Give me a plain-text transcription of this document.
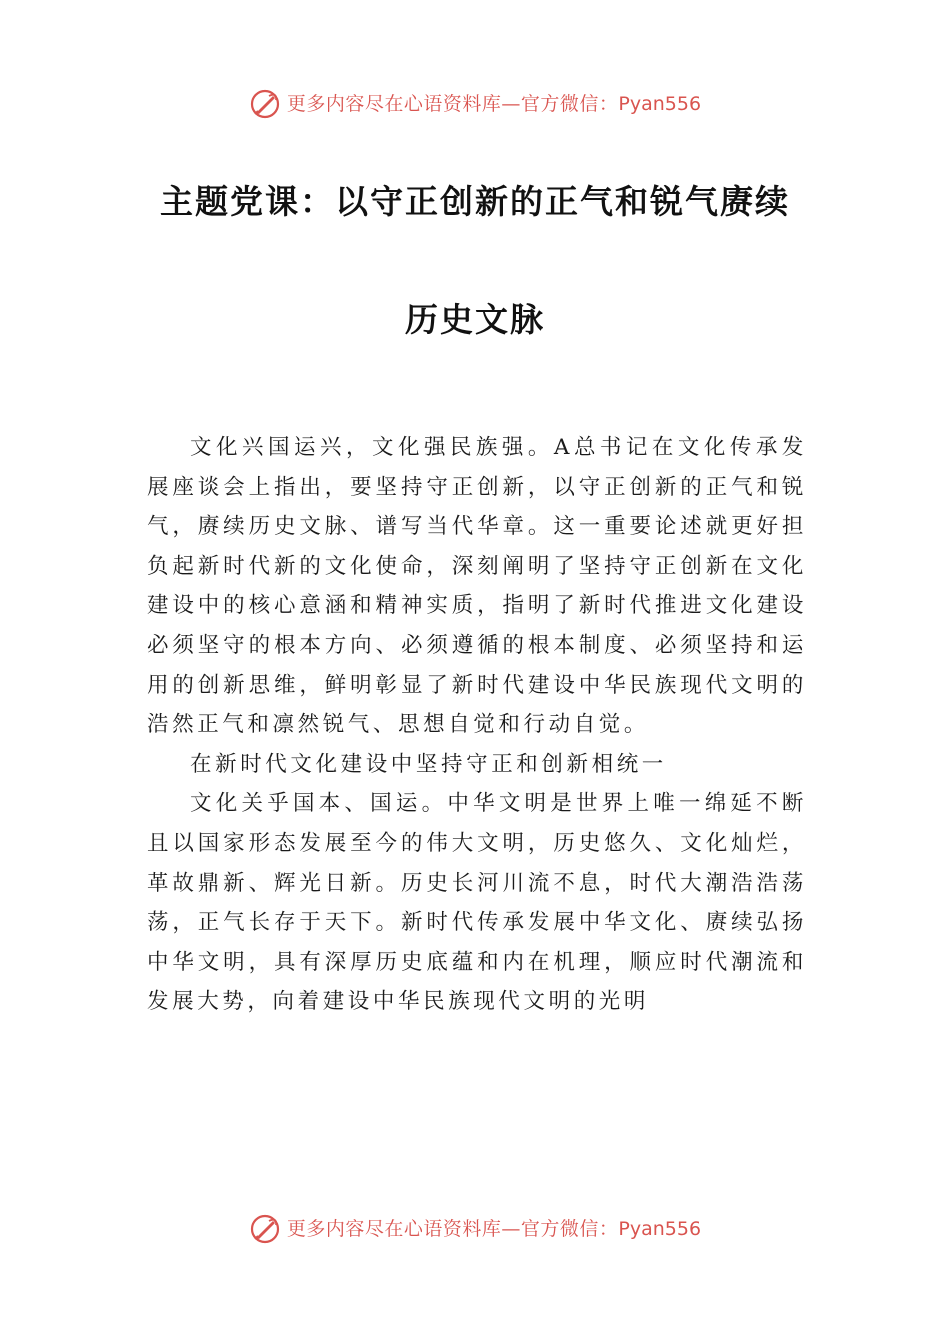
更多内容尽在心语资料库—官方微信： Pyan556
主题党课：以守正创新的正气和锐气赓续
历史文脉

文化兴国运兴，文化强民族强。A总书记在文化传承发展座谈会上指出，要坚持守正创新，以守正创新的正气和锐气，赓续历史文脉、谱写当代华章。这一重要论述就更好担负起新时代新的文化使命，深刻阐明了坚持守正创新在文化建设中的核心意涵和精神实质，指明了新时代推进文化建设必须坚守的根本方向、必须遵循的根本制度、必须坚持和运用的创新思维，鲜明彰显了新时代建设中华民族现代文明的浩然正气和凛然锐气、思想自觉和行动自觉。

在新时代文化建设中坚持守正和创新相统一

文化关乎国本、国运。中华文明是世界上唯一绵延不断且以国家形态发展至今的伟大文明，历史悠久、文化灿烂，革故鼎新、辉光日新。历史长河川流不息，时代大潮浩浩荡荡，正气长存于天下。新时代传承发展中华文化、赓续弘扬中华文明，具有深厚历史底蕴和内在机理，顺应时代潮流和发展大势，向着建设中华民族现代文明的光明

更多内容尽在心语资料库—官方微信： Pyan556
